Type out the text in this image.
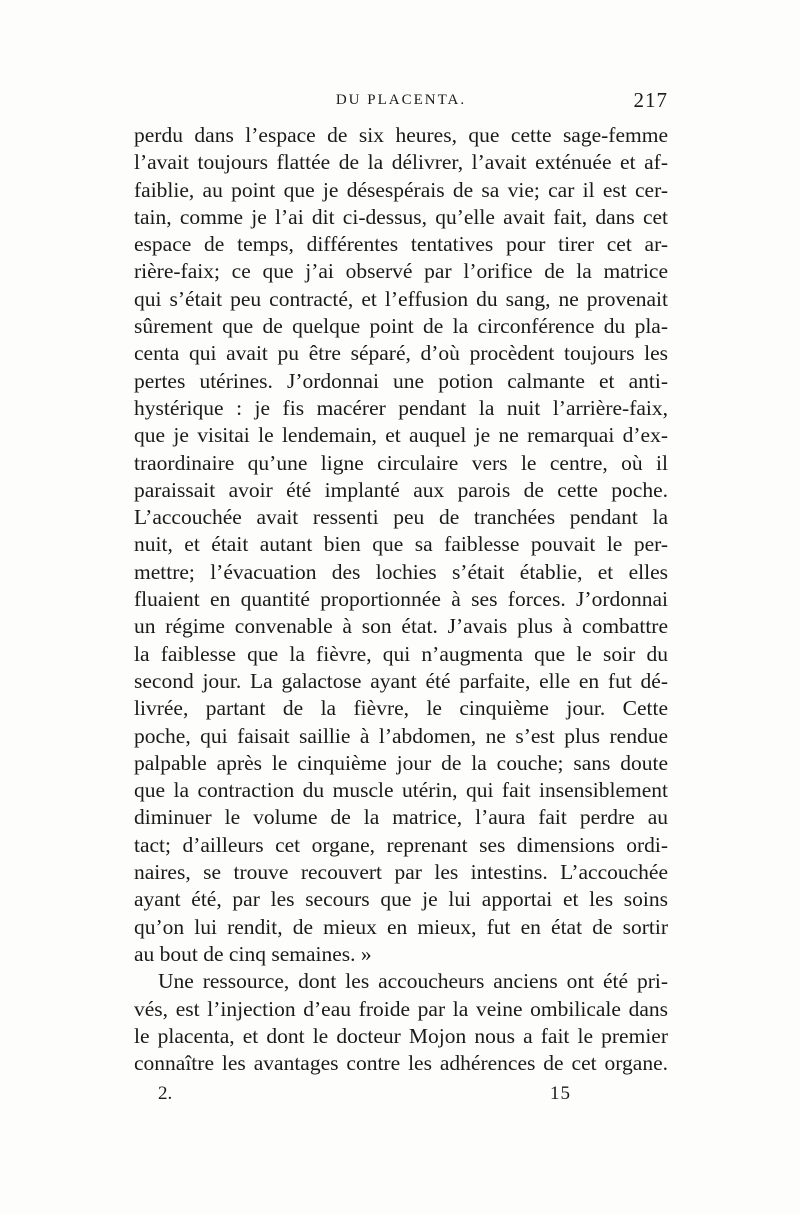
DU PLACENTA.	217
perdu dans l’espace de six heures, que cette sage-femme
l’avait toujours flattée de la délivrer, l’avait exténuée et af-
faiblie, au point que je désespérais de sa vie; car il est cer-
tain, comme je l’ai dit ci-dessus, qu’elle avait fait, dans cet
espace de temps, différentes tentatives pour tirer cet ar-
rière-faix; ce que j’ai observé par l’orifice de la matrice
qui s’était peu contracté, et l’effusion du sang, ne provenait
sûrement que de quelque point de la circonférence du pla-
centa qui avait pu être séparé, d’où procèdent toujours les
pertes utérines. J’ordonnai une potion calmante et anti-
hystérique : je fis macérer pendant la nuit l’arrière-faix,
que je visitai le lendemain, et auquel je ne remarquai d’ex-
traordinaire qu’une ligne circulaire vers le centre, où il
paraissait avoir été implanté aux parois de cette poche.
L’accouchée avait ressenti peu de tranchées pendant la
nuit, et était autant bien que sa faiblesse pouvait le per-
mettre; l’évacuation des lochies s’était établie, et elles
fluaient en quantité proportionnée à ses forces. J’ordonnai
un régime convenable à son état. J’avais plus à combattre
la faiblesse que la fièvre, qui n’augmenta que le soir du
second jour. La galactose ayant été parfaite, elle en fut dé-
livrée, partant de la fièvre, le cinquième jour. Cette
poche, qui faisait saillie à l’abdomen, ne s’est plus rendue
palpable après le cinquième jour de la couche; sans doute
que la contraction du muscle utérin, qui fait insensiblement
diminuer le volume de la matrice, l’aura fait perdre au
tact; d’ailleurs cet organe, reprenant ses dimensions ordi-
naires, se trouve recouvert par les intestins. L’accouchée
ayant été, par les secours que je lui apportai et les soins
qu’on lui rendit, de mieux en mieux, fut en état de sortir
au bout de cinq semaines. »
Une ressource, dont les accoucheurs anciens ont été pri-
vés, est l’injection d’eau froide par la veine ombilicale dans
le placenta, et dont le docteur Mojon nous a fait le premier
connaître les avantages contre les adhérences de cet organe.
2.	15
